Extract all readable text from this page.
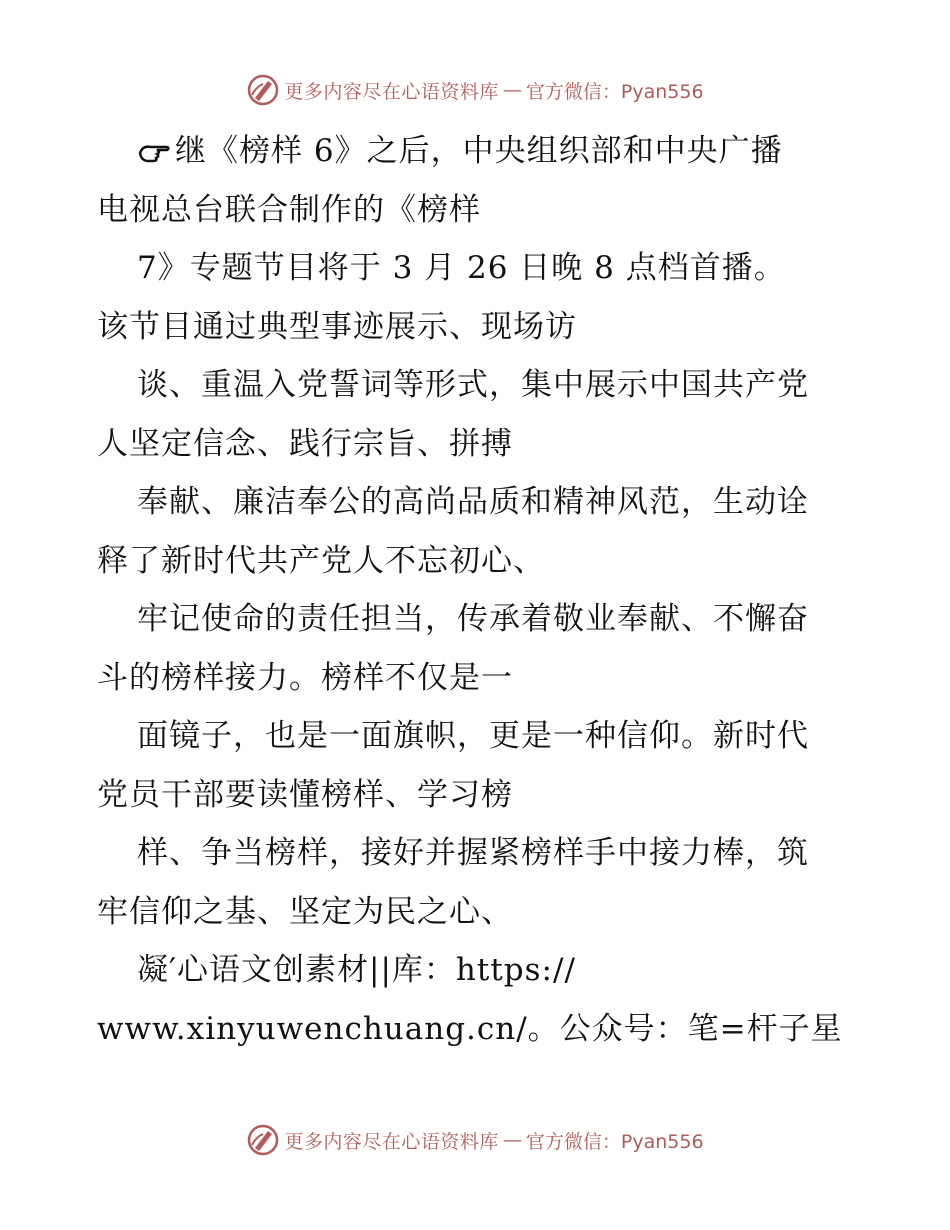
更多内容尽在心语资料库 — 官方微信：Pyan556
继《榜样 6》之后，中央组织部和中央广播
电视总台联合制作的《榜样
7》专题节目将于 3 月 26 日晚 8 点档首播。
该节目通过典型事迹展示、现场访
谈、重温入党誓词等形式，集中展示中国共产党
人坚定信念、践行宗旨、拼搏
奉献、廉洁奉公的高尚品质和精神风范，生动诠
释了新时代共产党人不忘初心、
牢记使命的责任担当，传承着敬业奉献、不懈奋
斗的榜样接力。榜样不仅是一
面镜子，也是一面旗帜，更是一种信仰。新时代
党员干部要读懂榜样、学习榜
样、争当榜样，接好并握紧榜样手中接力棒，筑
牢信仰之基、坚定为民之心、
凝′心语文创素材||库：https://
www.xinyuwenchuang.cn/。公众号：笔=杆子星
更多内容尽在心语资料库 — 官方微信：Pyan556
